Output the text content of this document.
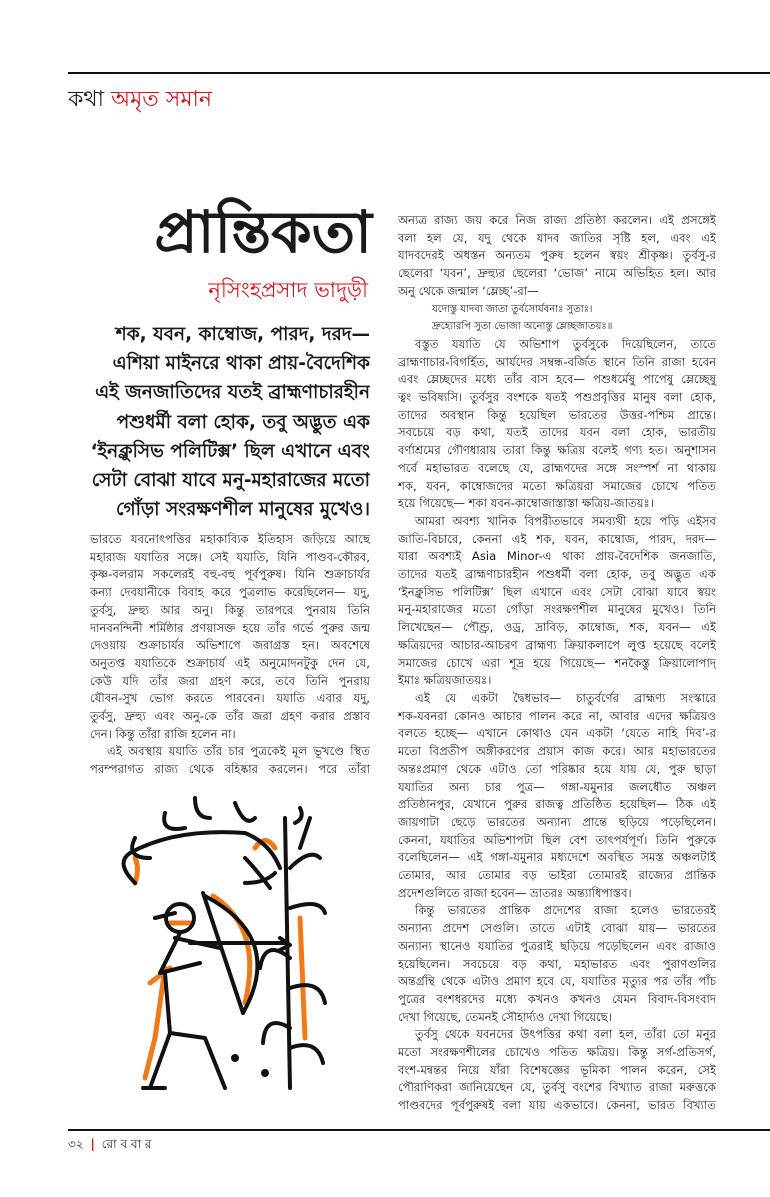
কথা অমৃত সমান
প্রান্তিকতা
নৃসিংহপ্রসাদ ভাদুড়ী
শক, যবন, কাম্বোজ, পারদ, দরদ—
এশিয়া মাইনরে থাকা প্রায়-বৈদেশিক
এই জনজাতিদের যতই ব্রাহ্মণাচারহীন
পশুধর্মী বলা হোক, তবু অদ্ভুত এক
‘ইনক্লুসিভ পলিটিক্স’ ছিল এখানে এবং
সেটা বোঝা যাবে মনু-মহারাজের মতো
গোঁড়া সংরক্ষণশীল মানুষের মুখেও।
ভারতে যবনোৎপত্তির মহাকাব্যিক ইতিহাস জড়িয়ে আছে
মহারাজ যযাতির সঙ্গে। সেই যযাতি, যিনি পাণ্ডব-কৌরব,
কৃষ্ণ-বলরাম সকলেরই বহু-বহু পূর্বপুরুষ। যিনি শুক্রাচার্যর
কন্যা দেবযানীকে বিবাহ করে পুত্রলাভ করেছিলেন— যদু,
তুর্বসু, দ্রুহ্যু আর অনু। কিন্তু তারপরে পুনরায় তিনি
দানবনন্দিনী শর্মিষ্ঠার প্রণয়াসক্ত হয়ে তাঁর গর্ভে পুরুর জন্ম
দেওয়ায় শুক্রাচার্যর অভিশাপে জরাগ্রস্ত হন। অবশেষে
অনুতপ্ত যযাতিকে শুক্রাচার্য এই অনুমোদনটুকু দেন যে,
কেউ যদি তাঁর জরা গ্রহণ করে, তবে তিনি পুনরায়
যৌবন-সুখ ভোগ করতে পারবেন। যযাতি এবার যদু,
তুর্বসু, দ্রুহ্যু এবং অনু-কে তাঁর জরা গ্রহণ করার প্রস্তাব
দেন। কিন্তু তাঁরা রাজি হলেন না।
এই অবস্থায় যযাতি তাঁর চার পুত্রকেই মূল ভূখণ্ডে স্থিত
পরম্পরাগত রাজ্য থেকে বহিষ্কার করলেন। পরে তাঁরা
অন্যত্র রাজ্য জয় করে নিজ রাজ্য প্রতিষ্ঠা করলেন। এই প্রসঙ্গেই
বলা হল যে, যদু থেকে যাদব জাতির সৃষ্টি হল, এবং এই
যাদবদেরই অধস্তন অন্যতম পুরুষ হলেন স্বয়ং শ্রীকৃষ্ণ। তুর্বসু-র
ছেলেরা ‘যবন’, দ্রুহ্যুর ছেলেরা ‘ভোজ’ নামে অভিহিত হল। আর
অনু থেকে জন্মাল ‘ম্লেচ্ছ’-রা—
যদোস্তু যাদবা জাতা তুর্বসোর্যবনাঃ সুতাঃ।
দ্রুহ্যোরপি সুতা ভোজা অনোস্তু ম্লেচ্ছজাতয়ঃ॥
বস্তুত যযাতি যে অভিশাপ তুর্বসুকে দিয়েছিলেন, তাতে
ব্রাহ্মণাচার-বিগর্হিত, আর্যদের সম্বন্ধ-বর্জিত স্থানে তিনি রাজা হবেন
এবং ম্লেচ্ছদের মধ্যে তাঁর বাস হবে— পশুধর্মেষু পাপেষু ম্লেচ্ছেষু
ত্বং ভবিষ্যসি। তুর্বসুর বংশকে যতই পশুপ্রবৃত্তির মানুষ বলা হোক,
তাদের অবস্থান কিন্তু হয়েছিল ভারতের উত্তর-পশ্চিম প্রান্তে।
সবচেয়ে বড় কথা, যতই তাদের যবন বলা হোক, ভারতীয়
বর্ণাশ্রমের গৌণধারায় তারা কিন্তু ক্ষত্রিয় বলেই গণ্য হত। অনুশাসন
পর্বে মহাভারত বলেছে যে, ব্রাহ্মণদের সঙ্গে সংস্পর্শ না থাকায়
শক, যবন, কাম্বোজদের মতো ক্ষত্রিয়রা সমাজের চোখে পতিত
হয়ে গিয়েছে— শকা যবন-কাম্বোজাস্তাস্তা ক্ষত্রিয়-জাতয়ঃ।
আমরা অবশ্য খানিক বিপরীতভাবে সমব্যথী হয়ে পড়ি এইসব
জাতি-বিচারে, কেননা এই শক, যবন, কাম্বোজ, পারদ, দরদ—
যারা অবশ্যই Asia Minor-এ থাকা প্রায়-বৈদেশিক জনজাতি,
তাদের যতই ব্রাহ্মণাচারহীন পশুধর্মী বলা হোক, তবু অদ্ভুত এক
‘ইনক্লুসিভ পলিটিক্স’ ছিল এখানে এবং সেটা বোঝা যাবে স্বয়ং
মনু-মহারাজের মতো গোঁড়া সংরক্ষণশীল মানুষের মুখেও। তিনি
লিখেছেন— পৌণ্ড্র, ওড্র, দ্রাবিড়, কাম্বোজ, শক, যবন— এই
ক্ষত্রিয়দের আচার-আচরণ ব্রাহ্মণ্য ক্রিয়াকলাপে লুপ্ত হয়েছে বলেই
সমাজের চোখে এরা শূদ্র হয়ে গিয়েছে— শনকৈস্তু ক্রিয়ালোপাদ্
ইমাঃ ক্ষত্রিয়জাতয়ঃ।
এই যে একটা দ্বৈধভাব— চাতুর্বর্ণের ব্রাহ্মণ্য সংস্কারে
শক-যবনরা কোনও আচার পালন করে না, আবার এদের ক্ষত্রিয়ও
বলতে হচ্ছে— এখানে কোথাও যেন একটা ‘যেতে নাহি দিব’-র
মতো বিপ্রতীপ অঙ্গীকরণের প্রয়াস কাজ করে। আর মহাভারতের
অন্তঃপ্রমাণ থেকে এটাও তো পরিষ্কার হয়ে যায় যে, পুরু ছাড়া
যযাতির অন্য চার পুত্র— গঙ্গা-যমুনার জলধৌত অঞ্চল
প্রতিষ্ঠানপুর, যেখানে পুরুর রাজত্ব প্রতিষ্ঠিত হয়েছিল— ঠিক এই
জায়গাটা ছেড়ে ভারতের অন্যান্য প্রান্তে ছড়িয়ে পড়েছিলেন।
কেননা, যযাতির অভিশাপটা ছিল বেশ তাৎপর্যপূর্ণ। তিনি পুরুকে
বলেছিলেন— এই গঙ্গা-যমুনার মধ্যদেশে অবস্থিত সমস্ত অঞ্চলটাই
তোমার, আর তোমার বড় ভাইরা তোমারই রাজ্যের প্রান্তিক
প্রদেশগুলিতে রাজা হবেন— ভ্রাতরঃ অন্ত্যাধিপাস্তব।
কিন্তু ভারতের প্রান্তিক প্রদেশের রাজা হলেও ভারতেরই
অন্যান্য প্রদেশ সেগুলি। তাতে এটাই বোঝা যায়— ভারতের
অন্যান্য স্থানেও যযাতির পুত্ররাই ছড়িয়ে পড়েছিলেন এবং রাজাও
হয়েছিলেন। সবচেয়ে বড় কথা, মহাভারত এবং পুরাণগুলির
অন্তর্গ্রন্থি থেকে এটাও প্রমাণ হবে যে, যযাতির মৃত্যুর পর তাঁর পাঁচ
পুত্রের বংশধরদের মধ্যে কখনও কখনও যেমন বিবাদ-বিসংবাদ
দেখা গিয়েছে, তেমনই সৌহার্দ্যও দেখা গিয়েছে।
তুর্বসু থেকে যবনদের উৎপত্তির কথা বলা হল, তাঁরা তো মনুর
মতো সংরক্ষণশীলের চোখেও পতিত ক্ষত্রিয়। কিন্তু সর্গ-প্রতিসর্গ,
বংশ-মন্বন্তর নিয়ে যাঁরা বিশেষজ্ঞের ভূমিকা পালন করেন, সেই
পৌরাণিকরা জানিয়েছেন যে, তুর্বসু বংশের বিখ্যাত রাজা মরুত্তকে
পাণ্ডবদের পূর্বপুরুষই বলা যায় একভাবে। কেননা, ভারত বিখ্যাত
৩২ | রো ব বা র
